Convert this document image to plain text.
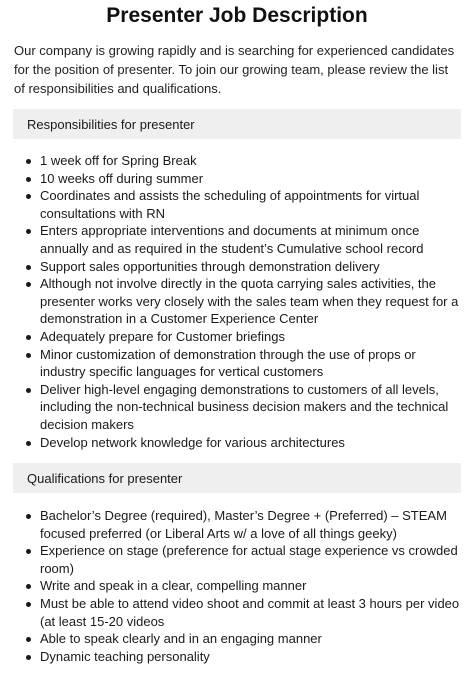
Presenter Job Description

Our company is growing rapidly and is searching for experienced candidates for the position of presenter. To join our growing team, please review the list of responsibilities and qualifications.

Responsibilities for presenter
1 week off for Spring Break
10 weeks off during summer
Coordinates and assists the scheduling of appointments for virtual consultations with RN
Enters appropriate interventions and documents at minimum once annually and as required in the student’s Cumulative school record
Support sales opportunities through demonstration delivery
Although not involve directly in the quota carrying sales activities, the presenter works very closely with the sales team when they request for a demonstration in a Customer Experience Center
Adequately prepare for Customer briefings
Minor customization of demonstration through the use of props or industry specific languages for vertical customers
Deliver high-level engaging demonstrations to customers of all levels, including the non-technical business decision makers and the technical decision makers
Develop network knowledge for various architectures
Qualifications for presenter
Bachelor’s Degree (required), Master’s Degree + (Preferred) – STEAM focused preferred (or Liberal Arts w/ a love of all things geeky)
Experience on stage (preference for actual stage experience vs crowded room)
Write and speak in a clear, compelling manner
Must be able to attend video shoot and commit at least 3 hours per video (at least 15-20 videos
Able to speak clearly and in an engaging manner
Dynamic teaching personality
